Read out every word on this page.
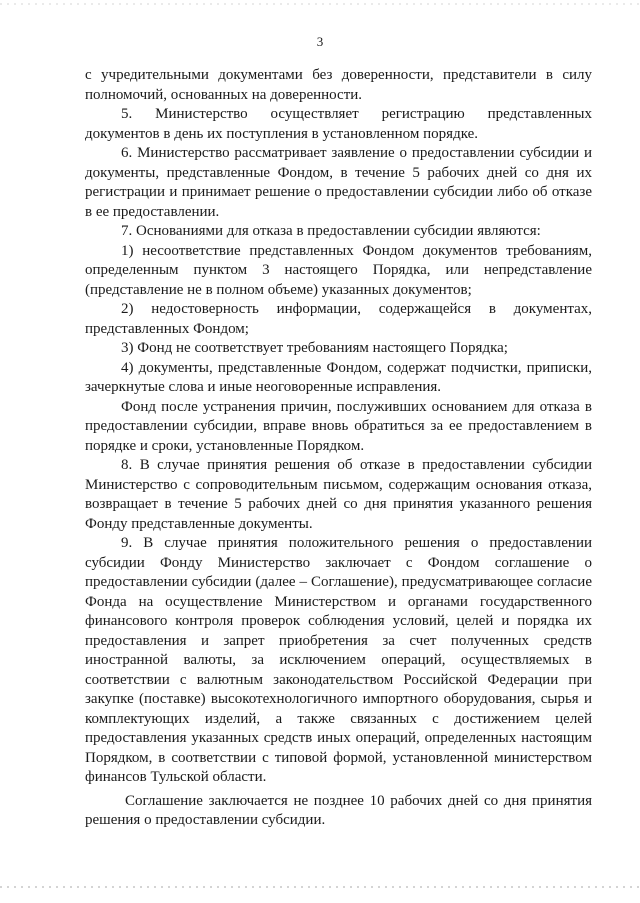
3

с учредительными документами без доверенности, представители в силу полномочий, основанных на доверенности.

5. Министерство осуществляет регистрацию представленных документов в день их поступления в установленном порядке.

6. Министерство рассматривает заявление о предоставлении субсидии и документы, представленные Фондом, в течение 5 рабочих дней со дня их регистрации и принимает решение о предоставлении субсидии либо об отказе в ее предоставлении.

7. Основаниями для отказа в предоставлении субсидии являются:

1) несоответствие представленных Фондом документов требованиям, определенным пунктом 3 настоящего Порядка, или непредставление (представление не в полном объеме) указанных документов;

2) недостоверность информации, содержащейся в документах, представленных Фондом;

3) Фонд не соответствует требованиям настоящего Порядка;

4) документы, представленные Фондом, содержат подчистки, приписки, зачеркнутые слова и иные неоговоренные исправления.

Фонд после устранения причин, послуживших основанием для отказа в предоставлении субсидии, вправе вновь обратиться за ее предоставлением в порядке и сроки, установленные Порядком.

8. В случае принятия решения об отказе в предоставлении субсидии Министерство с сопроводительным письмом, содержащим основания отказа, возвращает в течение 5 рабочих дней со дня принятия указанного решения Фонду представленные документы.

9. В случае принятия положительного решения о предоставлении субсидии Фонду Министерство заключает с Фондом соглашение о предоставлении субсидии (далее – Соглашение), предусматривающее согласие Фонда на осуществление Министерством и органами государственного финансового контроля проверок соблюдения условий, целей и порядка их предоставления и запрет приобретения за счет полученных средств иностранной валюты, за исключением операций, осуществляемых в соответствии с валютным законодательством Российской Федерации при закупке (поставке) высокотехнологичного импортного оборудования, сырья и комплектующих изделий, а также связанных с достижением целей предоставления указанных средств иных операций, определенных настоящим Порядком, в соответствии с типовой формой, установленной министерством финансов Тульской области.

Соглашение заключается не позднее 10 рабочих дней со дня принятия решения о предоставлении субсидии.
